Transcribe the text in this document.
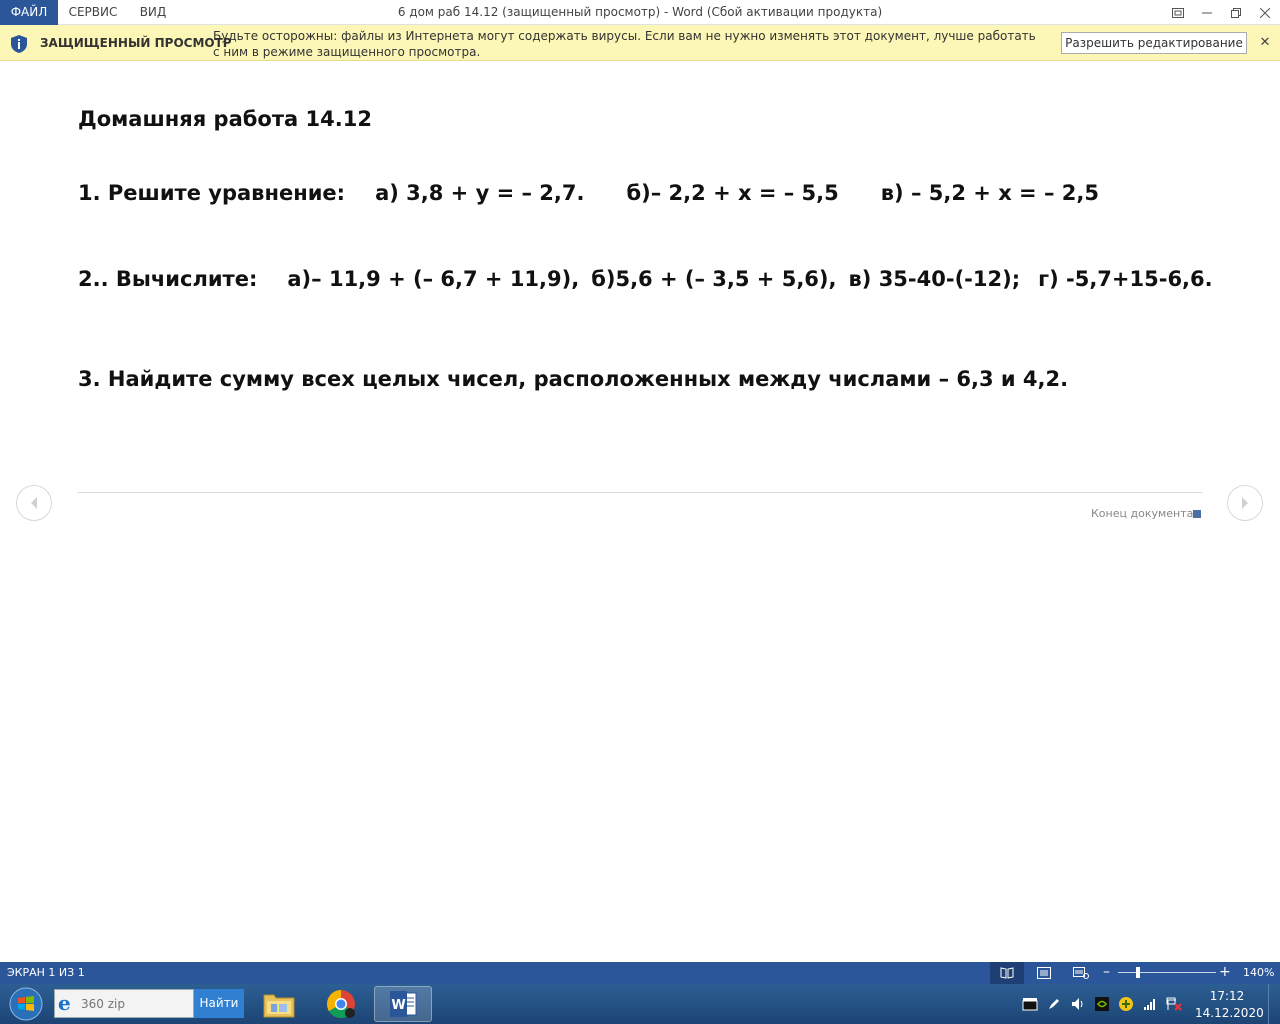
ФАЙЛ	СЕРВИС	ВИД	6 дом раб 14.12 (защищенный просмотр) - Word (Сбой активации продукта)
ЗАЩИЩЕННЫЙ ПРОСМОТР
Будьте осторожны: файлы из Интернета могут содержать вирусы. Если вам не нужно изменять этот документ, лучше работать с ним в режиме защищенного просмотра.
Разрешить редактирование	✕
Домашняя работа 14.12
1. Решите уравнение: а) 3,8 + у = – 2,7. б)– 2,2 + х = – 5,5 в) – 5,2 + х = – 2,5
2.. Вычислите: а)– 11,9 + (– 6,7 + 11,9), б)5,6 + (– 3,5 + 5,6), в) 35-40-(-12); г) -5,7+15-6,6.
3. Найдите сумму всех целых чисел, расположенных между числами – 6,3 и 4,2.
Конец документа
ЭКРАН 1 ИЗ 1	–	+ 140%
e
360 zip	Найти	W
17:12
14.12.2020
